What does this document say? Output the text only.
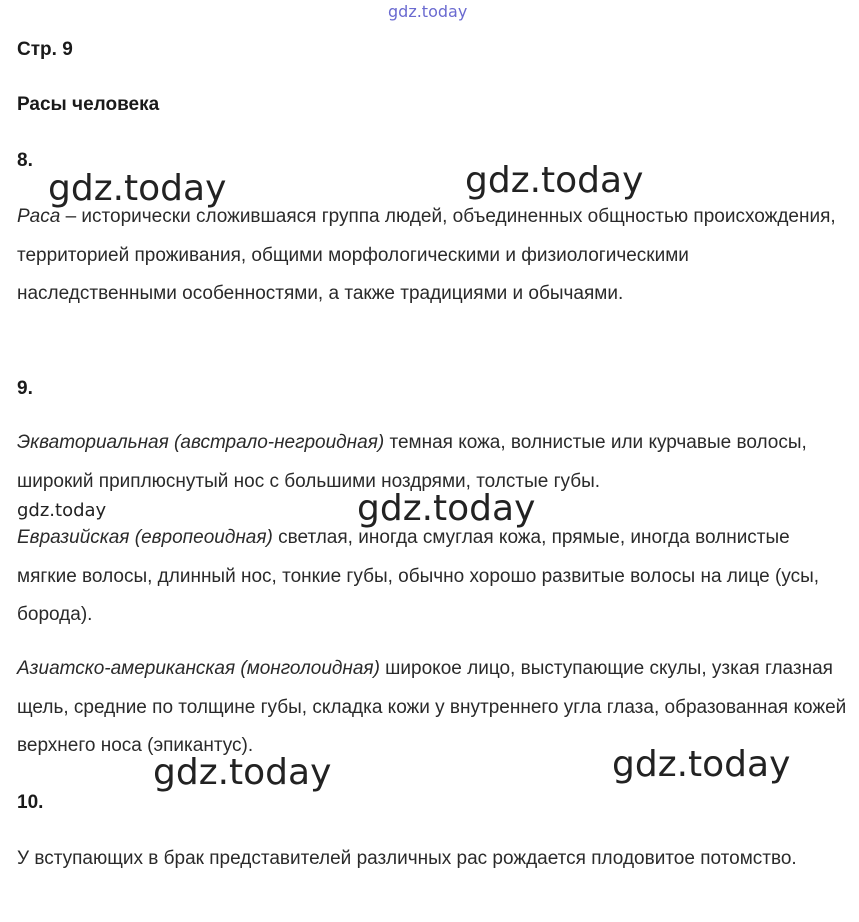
gdz.today
gdz.today	gdz.today
gdz.today	gdz.today
gdz.today	gdz.today
Стр. 9
Расы человека
8.
Раса – исторически сложившаяся группа людей, объединенных общностью происхождения, территорией проживания, общими морфологическими и физиологическими наследственными особенностями, а также традициями и обычаями.
9.
Экваториальная (австрало-негроидная) темная кожа, волнистые или курчавые волосы, широкий приплюснутый нос с большими ноздрями, толстые губы.
Евразийская (европеоидная) светлая, иногда смуглая кожа, прямые, иногда волнистые мягкие волосы, длинный нос, тонкие губы, обычно хорошо развитые волосы на лице (усы, борода).
Азиатско-американская (монголоидная) широкое лицо, выступающие скулы, узкая глазная щель, средние по толщине губы, складка кожи у внутреннего угла глаза, образованная кожей верхнего носа (эпикантус).
10.
У вступающих в брак представителей различных рас рождается плодовитое потомство.
